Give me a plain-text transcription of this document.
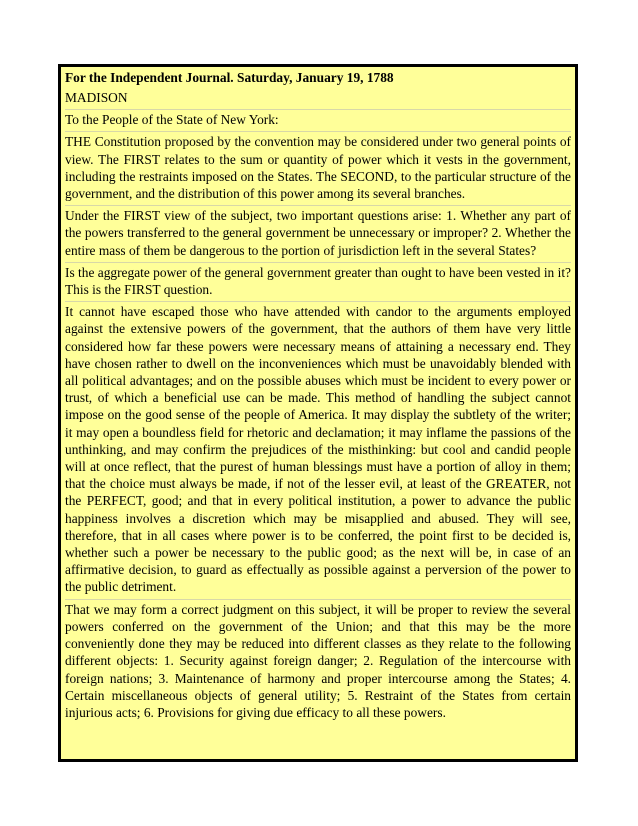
For the Independent Journal. Saturday, January 19, 1788

MADISON

To the People of the State of New York:

THE Constitution proposed by the convention may be considered under two general points of view. The FIRST relates to the sum or quantity of power which it vests in the government, including the restraints imposed on the States. The SECOND, to the particular structure of the government, and the distribution of this power among its several branches.

Under the FIRST view of the subject, two important questions arise: 1. Whether any part of the powers transferred to the general government be unnecessary or improper? 2. Whether the entire mass of them be dangerous to the portion of jurisdiction left in the several States?

Is the aggregate power of the general government greater than ought to have been vested in it? This is the FIRST question.

It cannot have escaped those who have attended with candor to the arguments employed against the extensive powers of the government, that the authors of them have very little considered how far these powers were necessary means of attaining a necessary end. They have chosen rather to dwell on the inconveniences which must be unavoidably blended with all political advantages; and on the possible abuses which must be incident to every power or trust, of which a beneficial use can be made. This method of handling the subject cannot impose on the good sense of the people of America. It may display the subtlety of the writer; it may open a boundless field for rhetoric and declamation; it may inflame the passions of the unthinking, and may confirm the prejudices of the misthinking: but cool and candid people will at once reflect, that the purest of human blessings must have a portion of alloy in them; that the choice must always be made, if not of the lesser evil, at least of the GREATER, not the PERFECT, good; and that in every political institution, a power to advance the public happiness involves a discretion which may be misapplied and abused. They will see, therefore, that in all cases where power is to be conferred, the point first to be decided is, whether such a power be necessary to the public good; as the next will be, in case of an affirmative decision, to guard as effectually as possible against a perversion of the power to the public detriment.

That we may form a correct judgment on this subject, it will be proper to review the several powers conferred on the government of the Union; and that this may be the more conveniently done they may be reduced into different classes as they relate to the following different objects: 1. Security against foreign danger; 2. Regulation of the intercourse with foreign nations; 3. Maintenance of harmony and proper intercourse among the States; 4. Certain miscellaneous objects of general utility; 5. Restraint of the States from certain injurious acts; 6. Provisions for giving due efficacy to all these powers.
